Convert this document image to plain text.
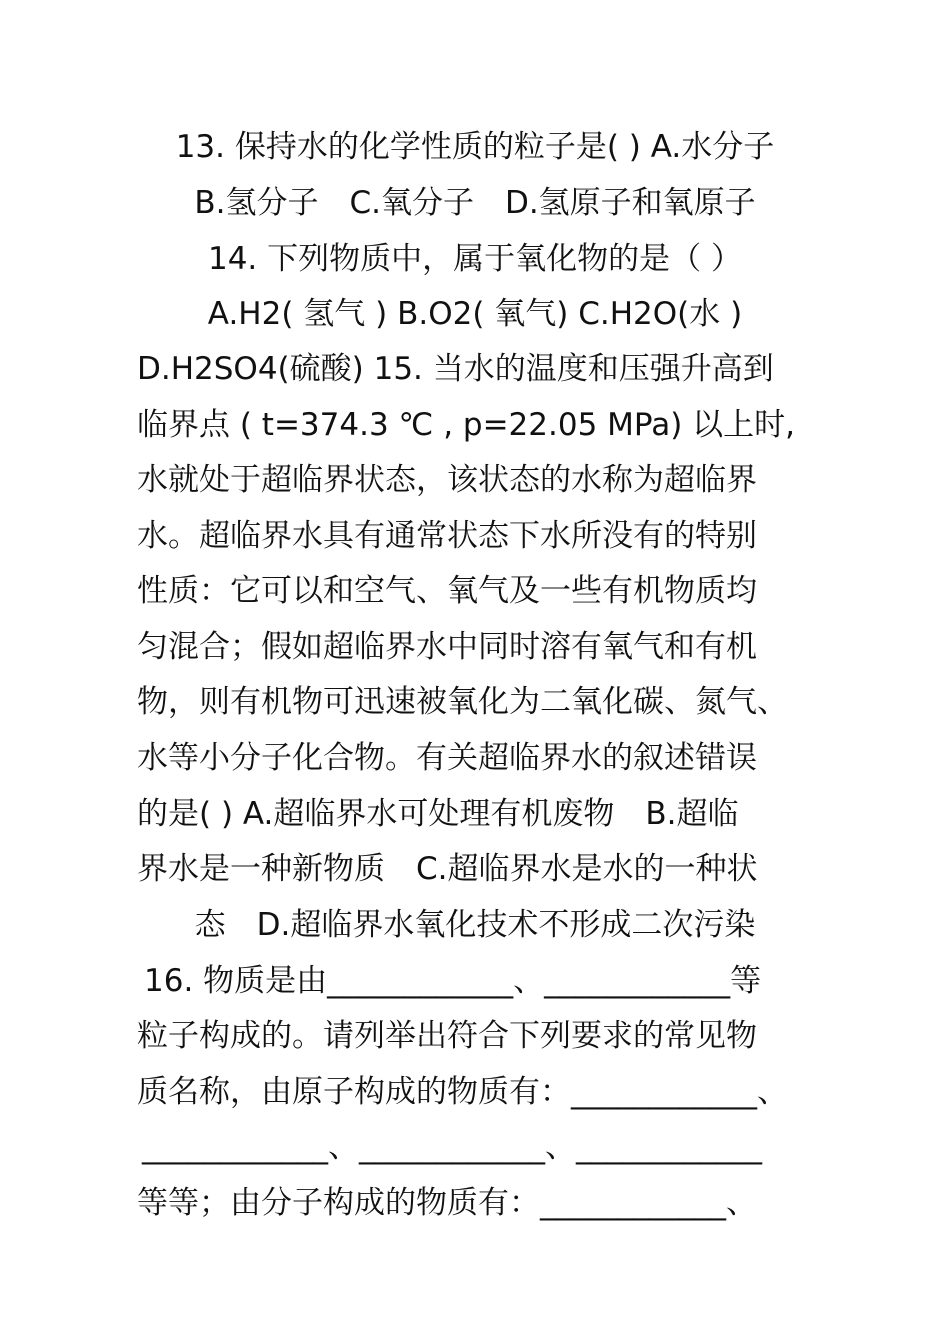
13. 保持水的化学性质的粒子是( ) A.水分子
B.氢分子　C.氧分子　D.氢原子和氧原子
14. 下列物质中，属于氧化物的是（ ）
A.H2( 氢气 ) B.O2( 氧气) C.H2O(水 )
D.H2SO4(硫酸) 15. 当水的温度和压强升高到
临界点 ( t=374.3 ℃ , p=22.05 MPa) 以上时,
水就处于超临界状态，该状态的水称为超临界
水。超临界水具有通常状态下水所没有的特别
性质：它可以和空气、氧气及一些有机物质均
匀混合；假如超临界水中同时溶有氧气和有机
物，则有机物可迅速被氧化为二氧化碳、氮气、
水等小分子化合物。有关超临界水的叙述错误
的是( ) A.超临界水可处理有机废物　B.超临
界水是一种新物质　C.超临界水是水的一种状
态　D.超临界水氧化技术不形成二次污染
16. 物质是由____________、____________等
粒子构成的。请列举出符合下列要求的常见物
质名称，由原子构成的物质有：____________、
____________、____________、____________
等等；由分子构成的物质有：____________、
